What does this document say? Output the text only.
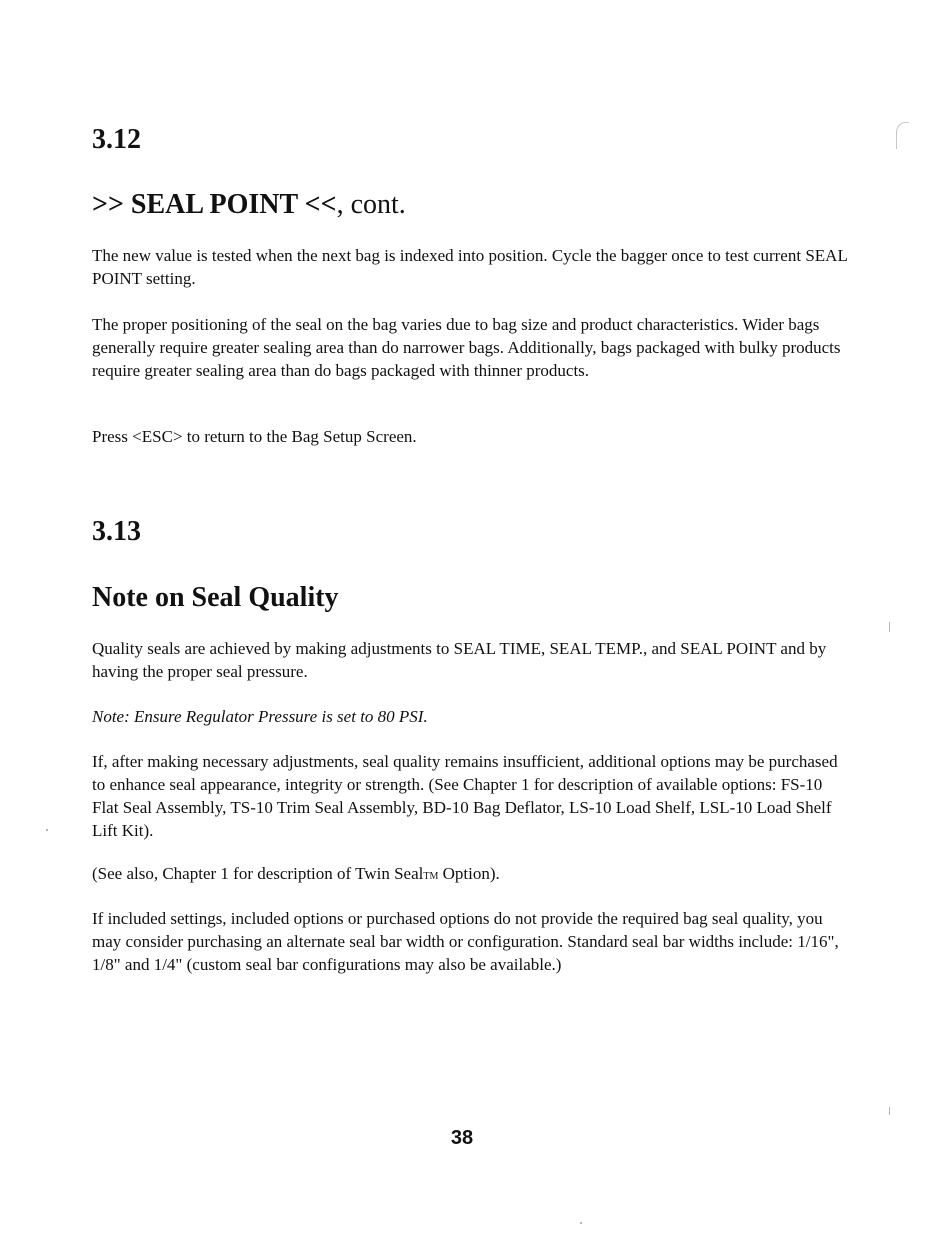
3.12
>> SEAL POINT <<, cont.

The new value is tested when the next bag is indexed into position. Cycle the bagger once to test current SEAL POINT setting.

The proper positioning of the seal on the bag varies due to bag size and product characteristics. Wider bags generally require greater sealing area than do narrower bags. Additionally, bags packaged with bulky products require greater sealing area than do bags packaged with thinner products.

Press <ESC> to return to the Bag Setup Screen.

3.13
Note on Seal Quality

Quality seals are achieved by making adjustments to SEAL TIME, SEAL TEMP., and SEAL POINT and by having the proper seal pressure.

Note: Ensure Regulator Pressure is set to 80 PSI.

If, after making necessary adjustments, seal quality remains insufficient, additional options may be purchased to enhance seal appearance, integrity or strength. (See Chapter 1 for description of available options: FS-10 Flat Seal Assembly, TS-10 Trim Seal Assembly, BD-10 Bag Deflator, LS-10 Load Shelf, LSL-10 Load Shelf Lift Kit).

(See also, Chapter 1 for description of Twin SealTM Option).

If included settings, included options or purchased options do not provide the required bag seal quality, you may consider purchasing an alternate seal bar width or configuration. Standard seal bar widths include: 1/16", 1/8" and 1/4" (custom seal bar configurations may also be available.)

38
